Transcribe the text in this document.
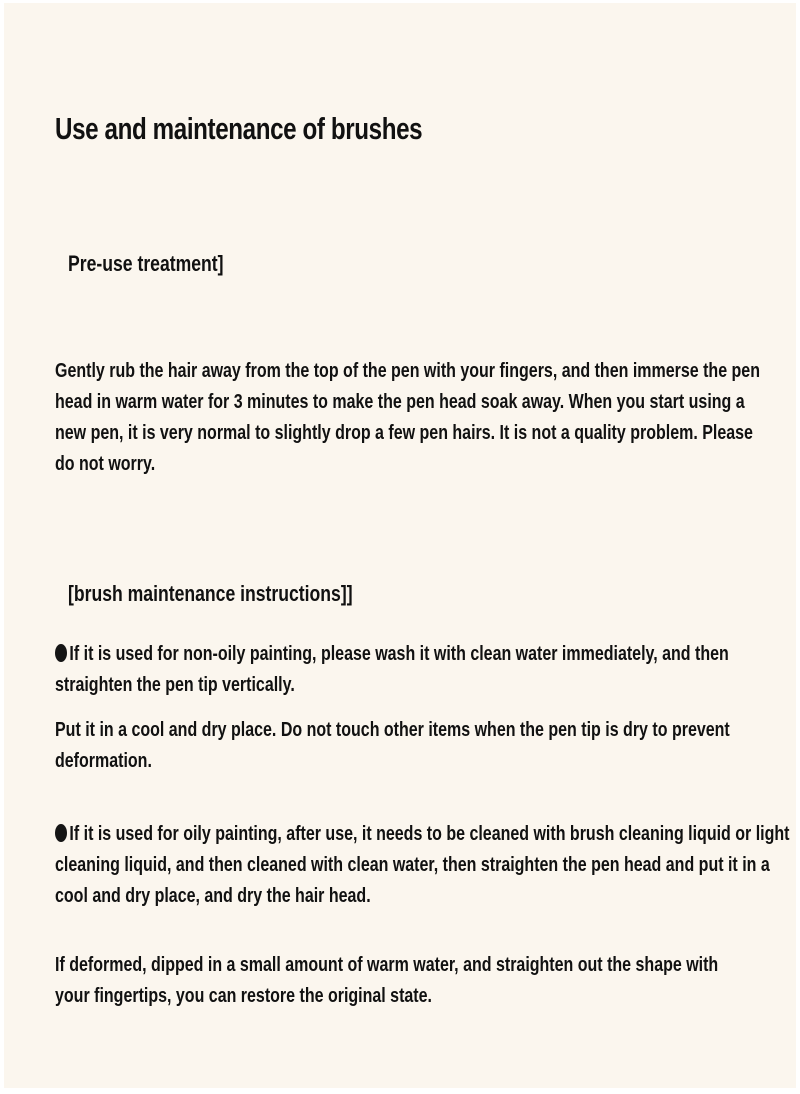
Use and maintenance of brushes
Pre-use treatment]

Gently rub the hair away from the top of the pen with your fingers, and then immerse the pen head in warm water for 3 minutes to make the pen head soak away. When you start using a new pen, it is very normal to slightly drop a few pen hairs. It is not a quality problem. Please do not worry.

[brush maintenance instructions]]

If it is used for non-oily painting, please wash it with clean water immediately, and then straighten the pen tip vertically.

Put it in a cool and dry place. Do not touch other items when the pen tip is dry to prevent deformation.

If it is used for oily painting, after use, it needs to be cleaned with brush cleaning liquid or light cleaning liquid, and then cleaned with clean water, then straighten the pen head and put it in a cool and dry place, and dry the hair head.

If deformed, dipped in a small amount of warm water, and straighten out the shape with your fingertips, you can restore the original state.
